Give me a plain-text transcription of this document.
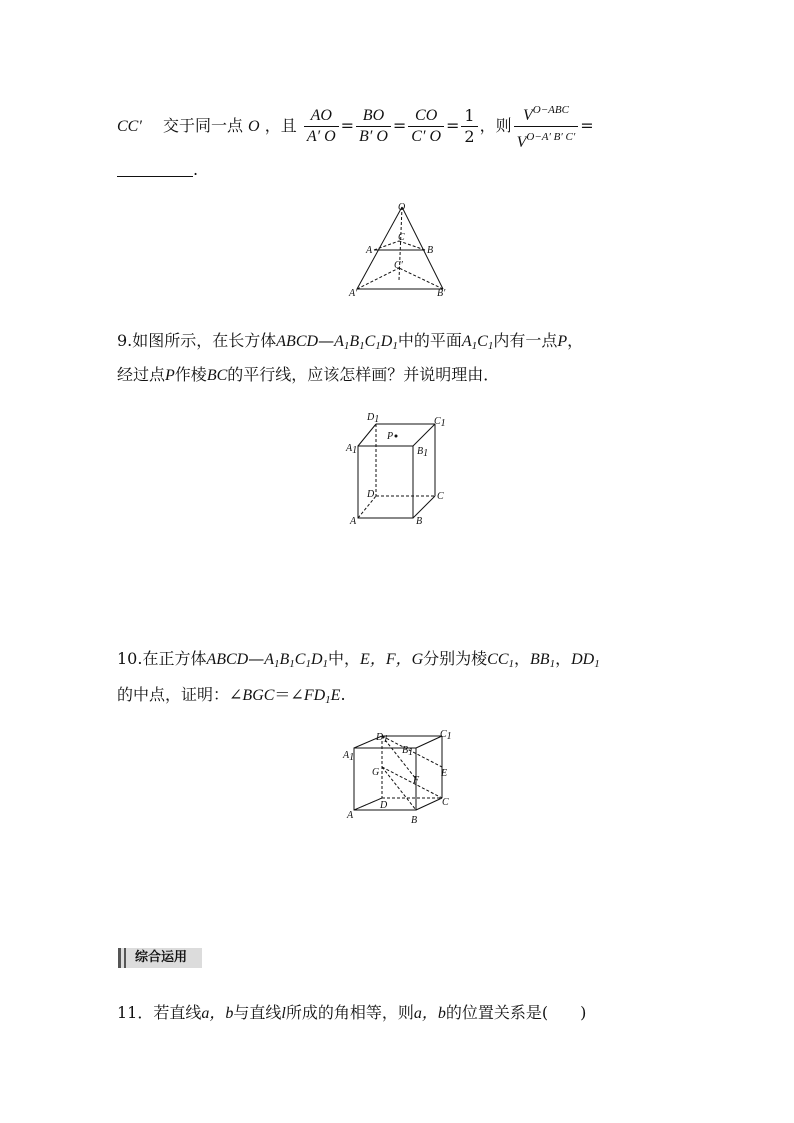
CC′ 交于同一点 O ，且 $\frac{AO}{A' O} = \frac{BO}{B' O} = \frac{CO}{C' O} = \frac{1}{2}$ ，则 $\frac{V^{O-ABC}}{V^{O-A' B' C'}}$ =
.
O
A	B
C
C′
A′	B′
9.如图所示，在长方体$ABCD—A_1B_1C_1D_1$中的平面$A_1C_1$内有一点P，
经过点P作棱BC的平行线，应该怎样画？并说明理由．
P
D1	C1
A1	B1
D	C
A	B
10.在正方体$ABCD—A_1B_1C_1D_1$中，E，F，G分别为棱$CC_1$，$BB_1$，$DD_1$
的中点，证明：$\angle BGC=\angle FD_1E$.
D1
B1
C1
A1
G
F
E
D	C
A	B
综合运用
11．若直线a，b与直线l所成的角相等，则a，b的位置关系是(　　)
